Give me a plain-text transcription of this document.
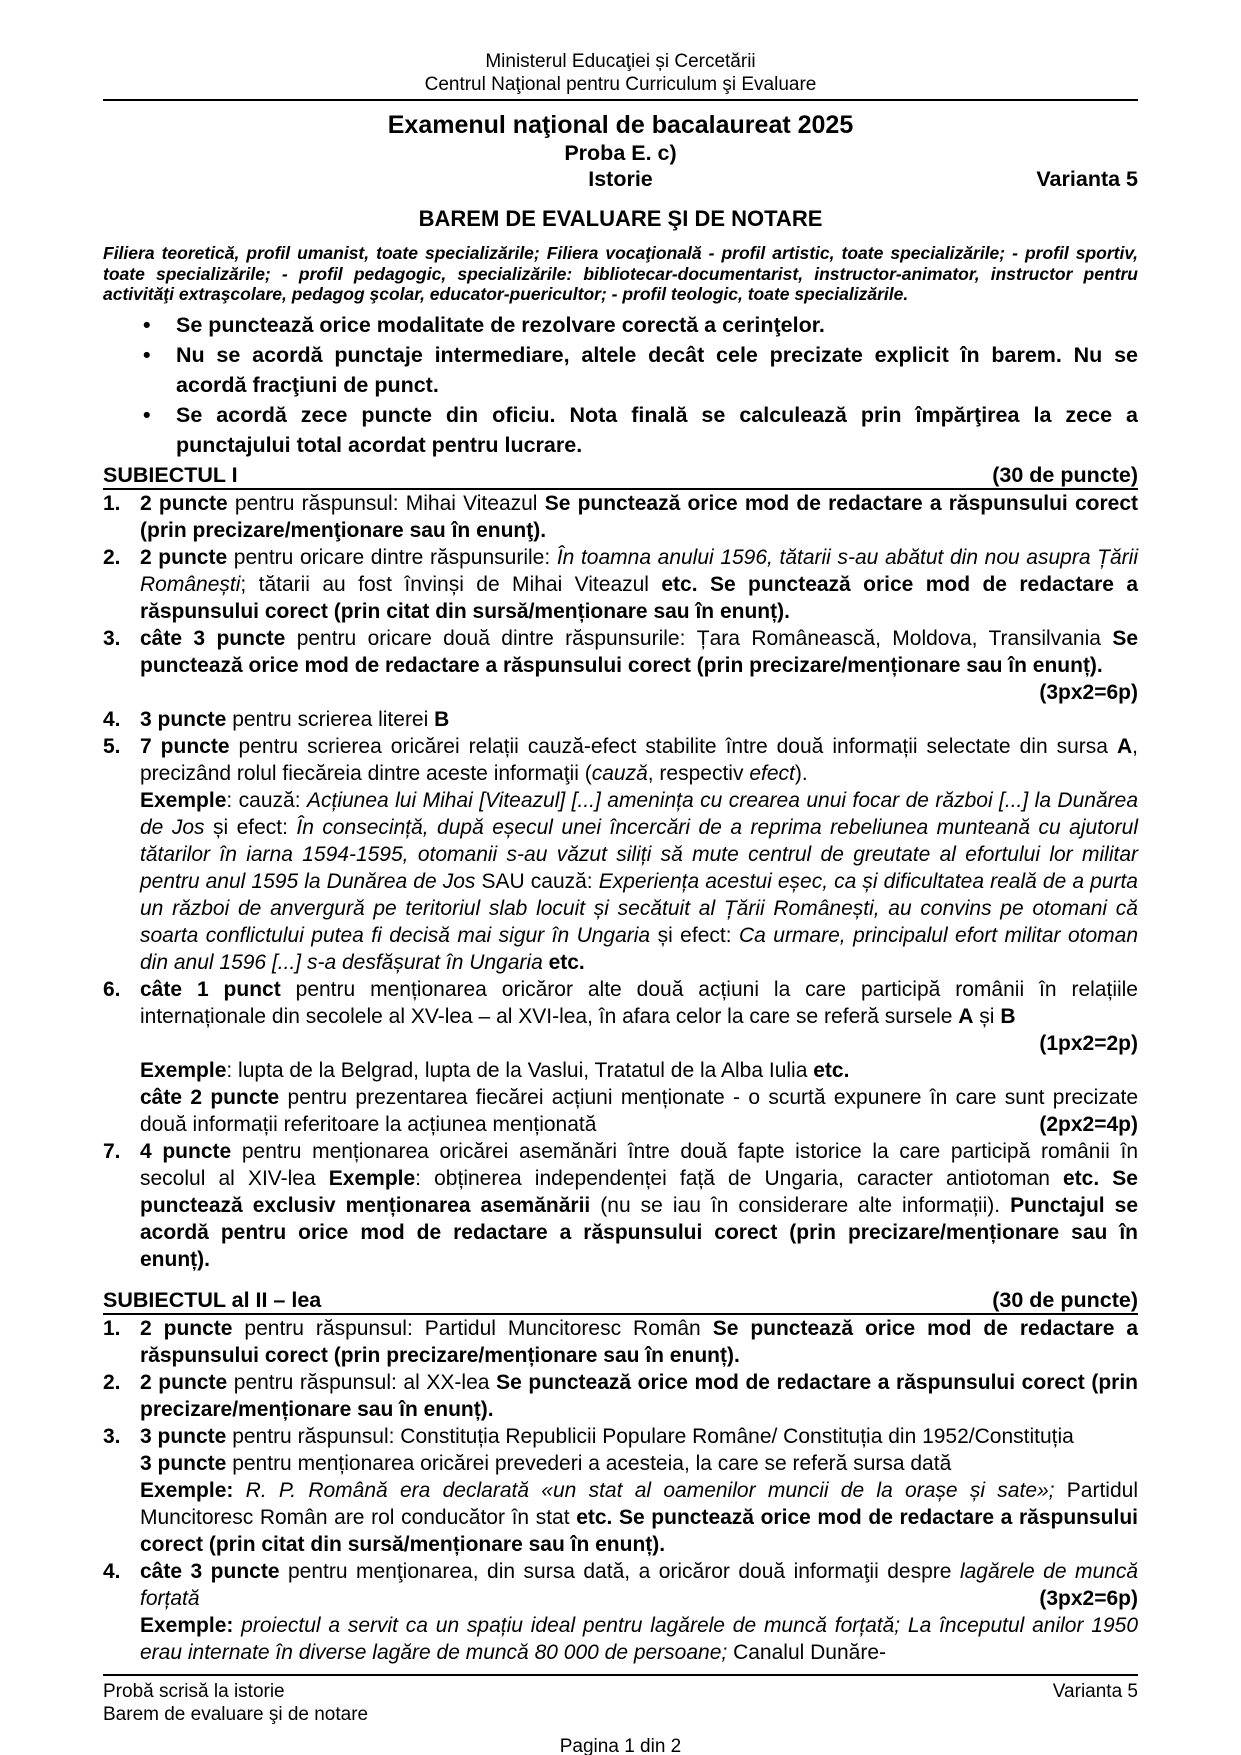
Ministerul Educaţiei și Cercetării
Centrul Naţional pentru Curriculum şi Evaluare
Examenul naţional de bacalaureat 2025
Proba E. c)
Istorie	Varianta 5
BAREM DE EVALUARE ŞI DE NOTARE
Filiera teoretică, profil umanist, toate specializările; Filiera vocaţională - profil artistic, toate specializările; - profil sportiv, toate specializările; - profil pedagogic, specializările: bibliotecar-documentarist, instructor-animator, instructor pentru activităţi extraşcolare, pedagog şcolar, educator-puericultor; - profil teologic, toate specializările.
•	Se punctează orice modalitate de rezolvare corectă a cerinţelor.
•	Nu se acordă punctaje intermediare, altele decât cele precizate explicit în barem. Nu se acordă fracţiuni de punct.
•	Se acordă zece puncte din oficiu. Nota finală se calculează prin împărţirea la zece a punctajului total acordat pentru lucrare.
SUBIECTUL I	(30 de puncte)
1. 2 puncte pentru răspunsul: Mihai Viteazul Se punctează orice mod de redactare a răspunsului corect (prin precizare/menţionare sau în enunţ).
2. 2 puncte pentru oricare dintre răspunsurile: În toamna anului 1596, tătarii s-au abătut din nou asupra Țării Românești; tătarii au fost învinși de Mihai Viteazul etc. Se punctează orice mod de redactare a răspunsului corect (prin citat din sursă/menționare sau în enunț).
3. câte 3 puncte pentru oricare două dintre răspunsurile: Țara Românească, Moldova, Transilvania Se punctează orice mod de redactare a răspunsului corect (prin precizare/menționare sau în enunț).
(3px2=6p)
4. 3 puncte pentru scrierea literei B
5. 7 puncte pentru scrierea oricărei relații cauză-efect stabilite între două informații selectate din sursa A, precizând rolul fiecăreia dintre aceste informaţii (cauză, respectiv efect).
Exemple: cauză: Acțiunea lui Mihai [Viteazul] [...] amenința cu crearea unui focar de război [...] la Dunărea de Jos și efect: În consecință, după eșecul unei încercări de a reprima rebeliunea munteană cu ajutorul tătarilor în iarna 1594-1595, otomanii s-au văzut siliți să mute centrul de greutate al efortului lor militar pentru anul 1595 la Dunărea de Jos SAU cauză: Experiența acestui eșec, ca și dificultatea reală de a purta un război de anvergură pe teritoriul slab locuit și secătuit al Țării Românești, au convins pe otomani că soarta conflictului putea fi decisă mai sigur în Ungaria și efect: Ca urmare, principalul efort militar otoman din anul 1596 [...] s-a desfășurat în Ungaria etc.
6. câte 1 punct pentru menționarea oricăror alte două acțiuni la care participă românii în relațiile internaționale din secolele al XV-lea – al XVI-lea, în afara celor la care se referă sursele A și B
(1px2=2p)
Exemple: lupta de la Belgrad, lupta de la Vaslui, Tratatul de la Alba Iulia etc.
câte 2 puncte pentru prezentarea fiecărei acțiuni menționate - o scurtă expunere în care sunt precizate două informații referitoare la acțiunea menționată	(2px2=4p)
7. 4 puncte pentru menționarea oricărei asemănări între două fapte istorice la care participă românii în secolul al XIV-lea Exemple: obținerea independenței față de Ungaria, caracter antiotoman etc. Se punctează exclusiv menționarea asemănării (nu se iau în considerare alte informații). Punctajul se acordă pentru orice mod de redactare a răspunsului corect (prin precizare/menționare sau în enunț).
SUBIECTUL al II – lea	(30 de puncte)
1. 2 puncte pentru răspunsul: Partidul Muncitoresc Român Se punctează orice mod de redactare a răspunsului corect (prin precizare/menționare sau în enunț).
2. 2 puncte pentru răspunsul: al XX-lea Se punctează orice mod de redactare a răspunsului corect (prin precizare/menționare sau în enunț).
3. 3 puncte pentru răspunsul: Constituția Republicii Populare Române/ Constituția din 1952/Constituția
3 puncte pentru menționarea oricărei prevederi a acesteia, la care se referă sursa dată
Exemple: R. P. Română era declarată «un stat al oamenilor muncii de la orașe și sate»; Partidul Muncitoresc Român are rol conducător în stat etc. Se punctează orice mod de redactare a răspunsului corect (prin citat din sursă/menționare sau în enunț).
4. câte 3 puncte pentru menţionarea, din sursa dată, a oricăror două informaţii despre lagărele de muncă forțată	(3px2=6p)
Exemple: proiectul a servit ca un spațiu ideal pentru lagărele de muncă forțată; La începutul anilor 1950 erau internate în diverse lagăre de muncă 80 000 de persoane; Canalul Dunăre-
Probă scrisă la istorie	Varianta 5
Barem de evaluare şi de notare
Pagina 1 din 2
